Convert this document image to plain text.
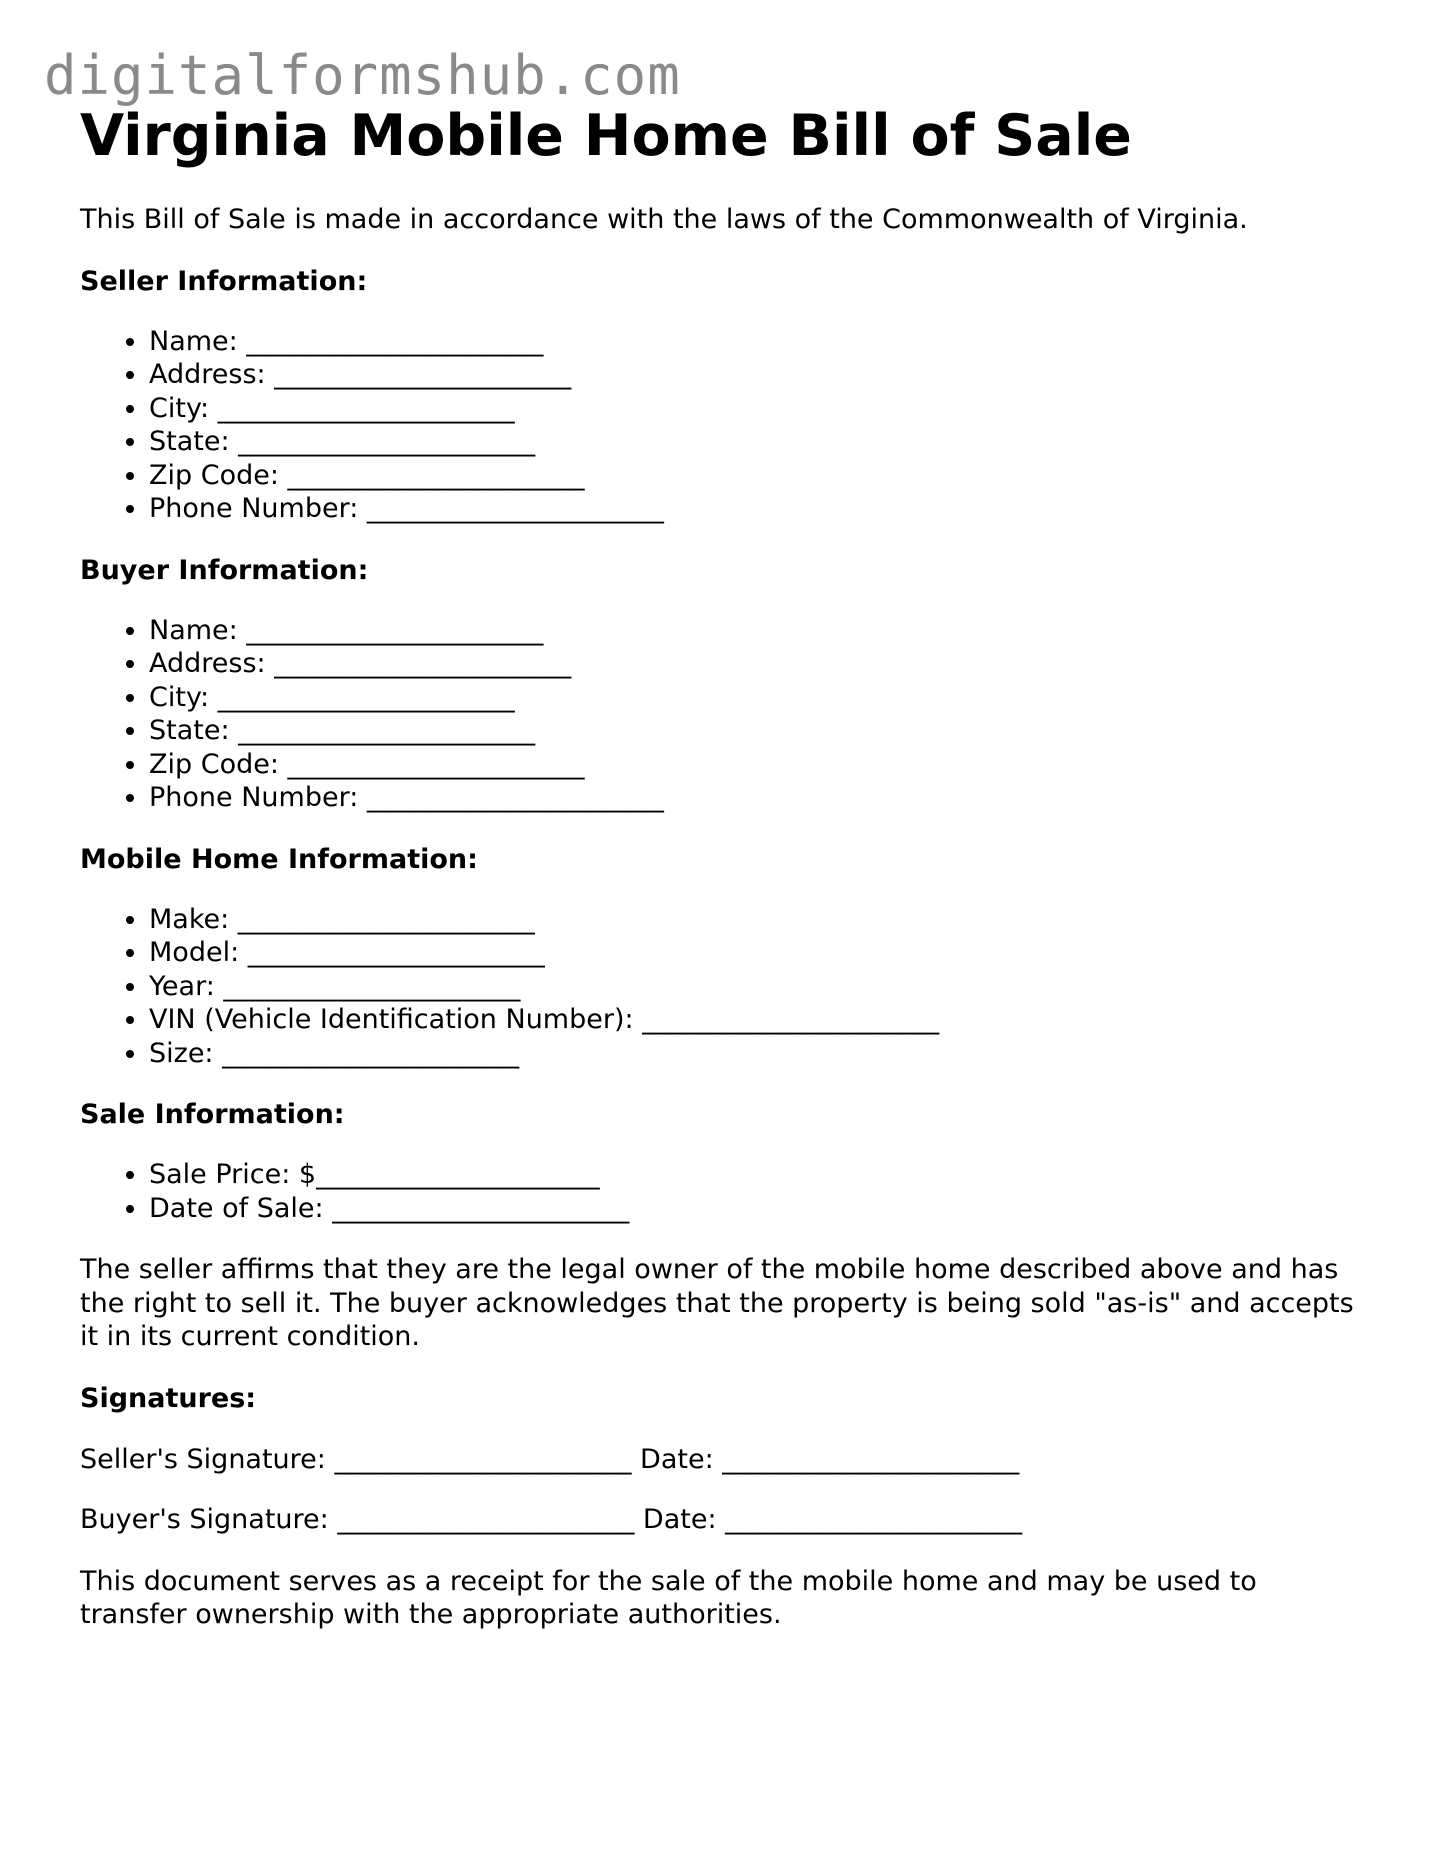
digitalformshub.com
Virginia Mobile Home Bill of Sale

This Bill of Sale is made in accordance with the laws of the Commonwealth of Virginia.

Seller Information:
• Name: ______________________
• Address: ______________________
• City: ______________________
• State: ______________________
• Zip Code: ______________________
• Phone Number: ______________________
Buyer Information:
• Name: ______________________
• Address: ______________________
• City: ______________________
• State: ______________________
• Zip Code: ______________________
• Phone Number: ______________________
Mobile Home Information:
• Make: ______________________
• Model: ______________________
• Year: ______________________
• VIN (Vehicle Identification Number): ______________________
• Size: ______________________
Sale Information:
• Sale Price: $_____________________
• Date of Sale: ______________________

The seller affirms that they are the legal owner of the mobile home described above and has the right to sell it. The buyer acknowledges that the property is being sold "as-is" and accepts it in its current condition.

Signatures:

Seller's Signature: ______________________ Date: ______________________

Buyer's Signature: ______________________ Date: ______________________

This document serves as a receipt for the sale of the mobile home and may be used to transfer ownership with the appropriate authorities.
